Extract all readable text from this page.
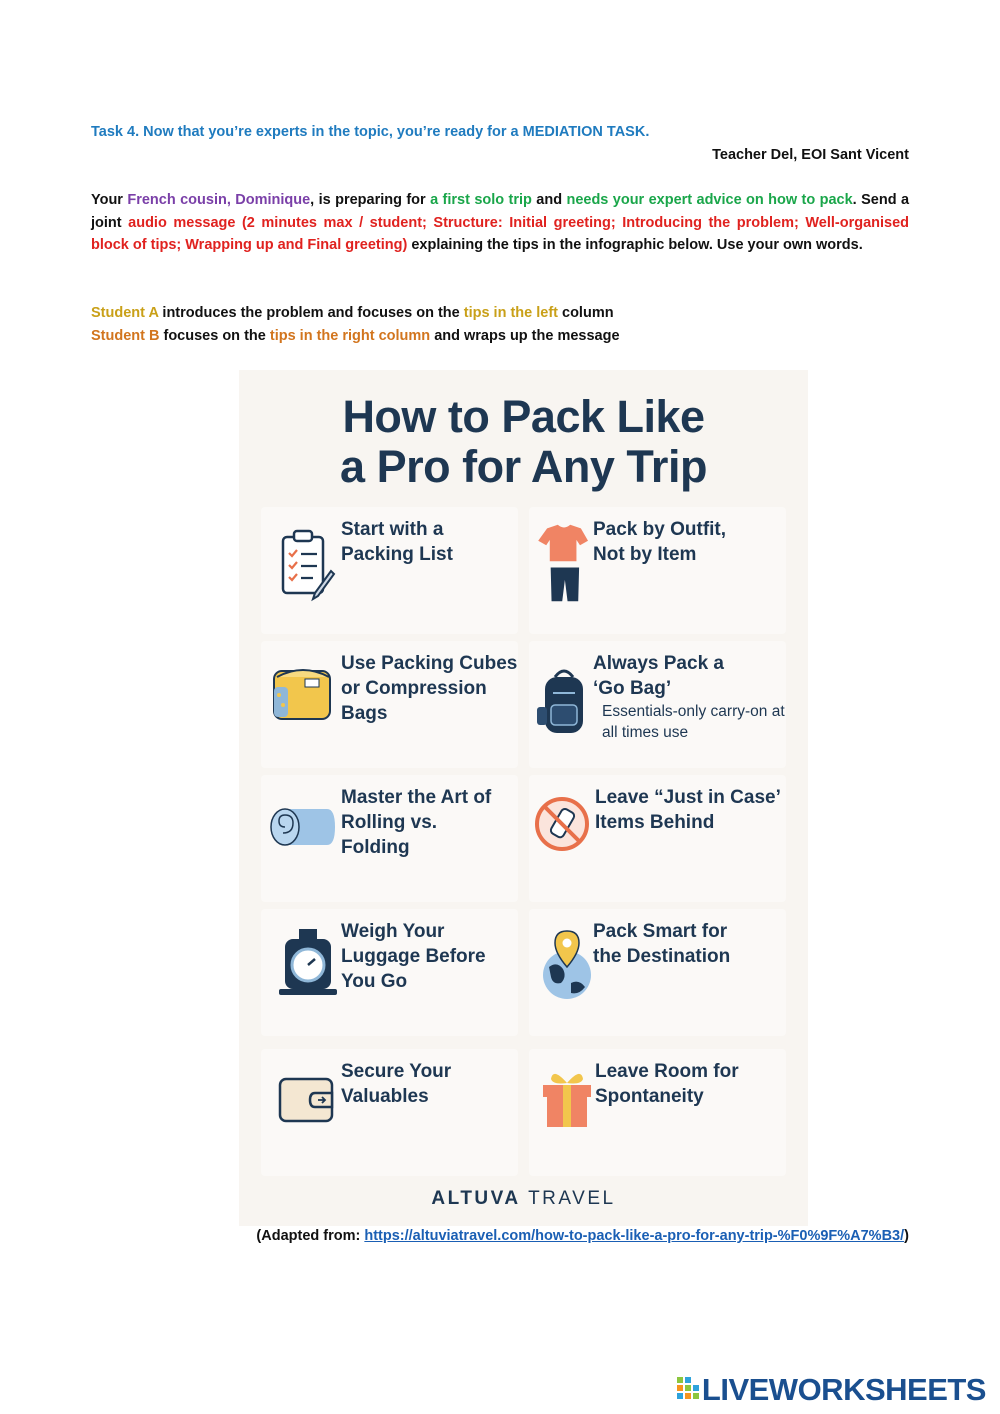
Task 4. Now that you’re experts in the topic, you’re ready for a MEDIATION TASK.
Teacher Del, EOI Sant Vicent
Your French cousin, Dominique, is preparing for a first solo trip and needs your expert advice on how to pack. Send a joint audio message (2 minutes max / student; Structure: Initial greeting; Introducing the problem; Well-organised block of tips; Wrapping up and Final greeting) explaining the tips in the infographic below. Use your own words.
Student A introduces the problem and focuses on the tips in the left column
Student B focuses on the tips in the right column and wraps up the message
How to Pack Like
a Pro for Any Trip
Start with a Packing List
Pack by Outfit, Not by Item
Use Packing Cubes or Compression Bags
Always Pack a ‘Go Bag’
Essentials-only carry-on at all times use
Master the Art of Rolling vs. Folding
Leave “Just in Case’ Items Behind
Weigh Your Luggage Before You Go
Pack Smart for the Destination
Secure Your Valuables
Leave Room for Spontaneity
ALTUVA TRAVEL
(Adapted from: https://altuviatravel.com/how-to-pack-like-a-pro-for-any-trip-%F0%9F%A7%B3/)
LIVEWORKSHEETS
